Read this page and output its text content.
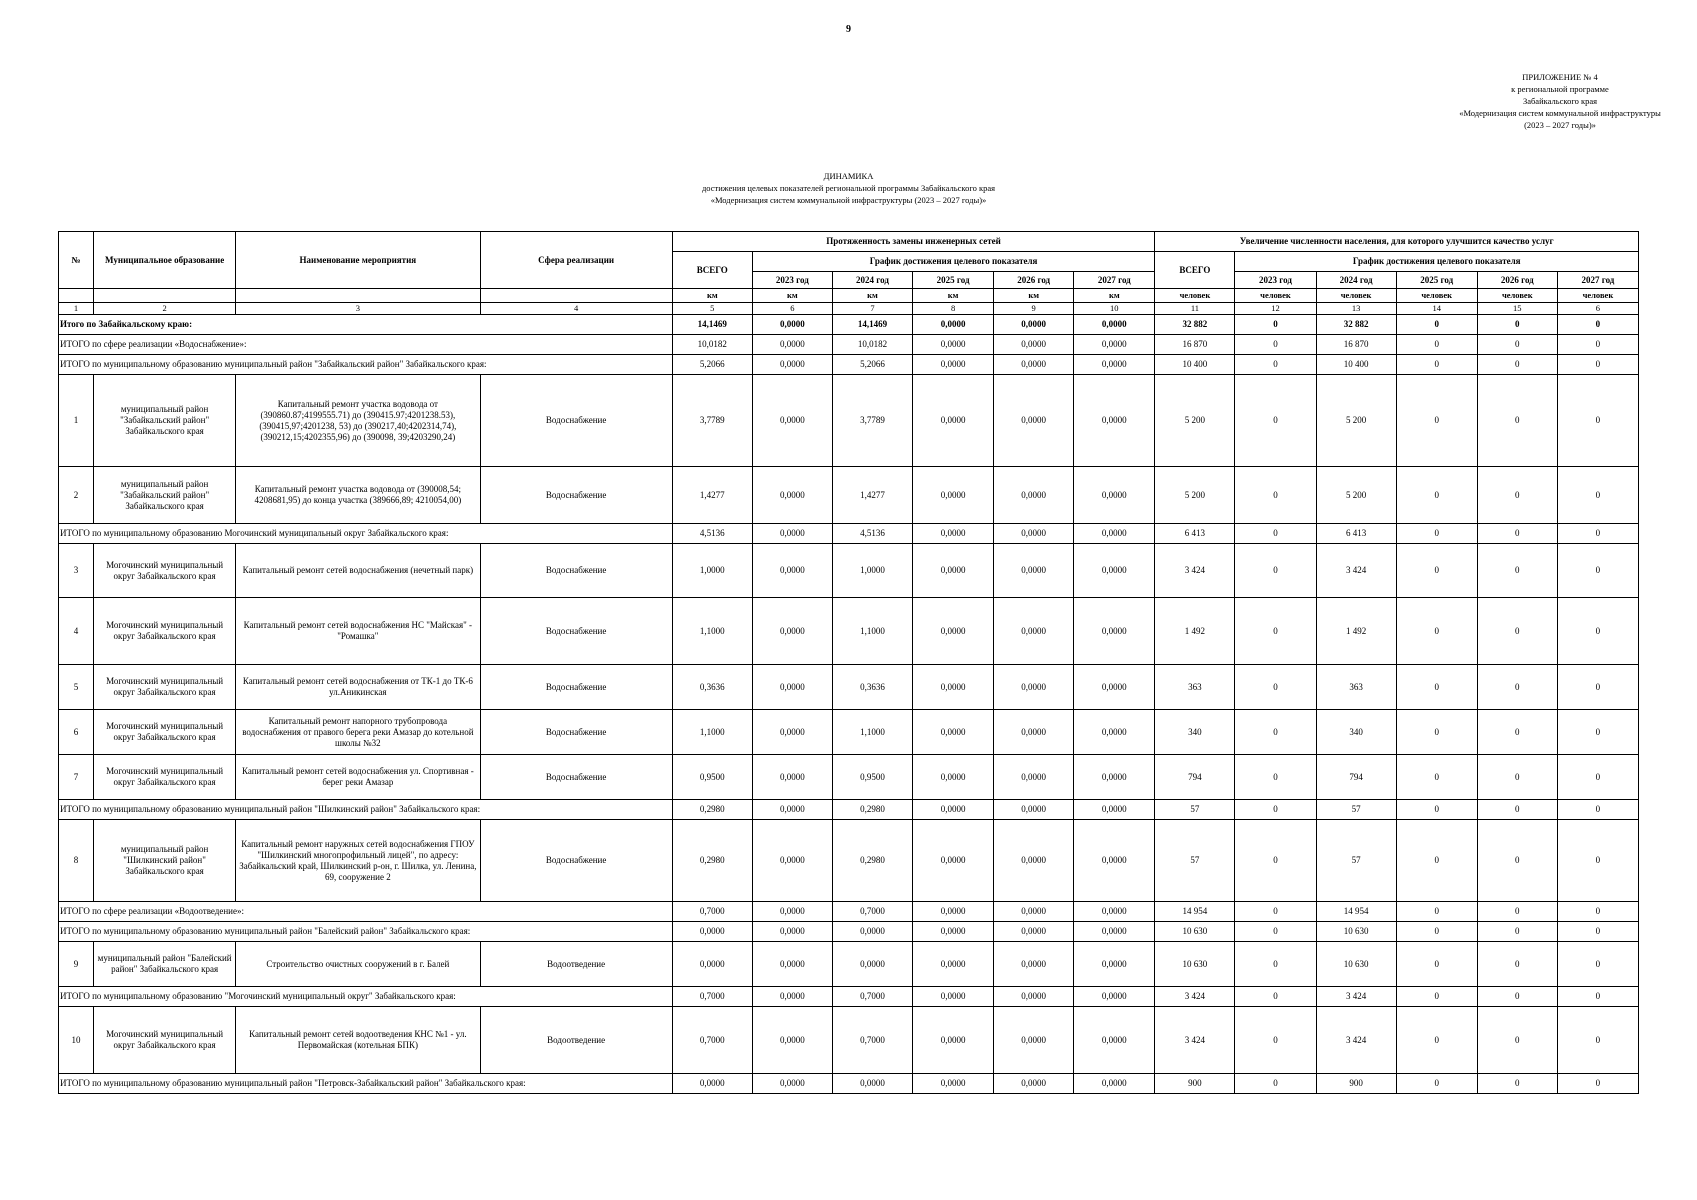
9
ПРИЛОЖЕНИЕ № 4
к региональной программе
Забайкальского края
«Модернизация систем коммунальной инфраструктуры
(2023 – 2027 годы)»
ДИНАМИКА
достижения целевых показателей региональной программы Забайкальского края
«Модернизация систем коммунальной инфраструктуры (2023 – 2027 годы)»
№	Муниципальное образование	Наименование мероприятия	Сфера реализации	Протяженность замены инженерных сетей						Увеличение численности населения, для которого улучшится качество услуг					
				ВСЕГО	График достижения целевого показателя					ВСЕГО	График достижения целевого показателя				
					2023 год	2024 год	2025 год	2026 год	2027 год		2023 год	2024 год	2025 год	2026 год	2027 год
				км	км	км	км	км	км	человек	человек	человек	человек	человек	человек
1	2	3	4	5	6	7	8	9	10	11	12	13	14	15	6
Итого по Забайкальскому краю:				14,1469	0,0000	14,1469	0,0000	0,0000	0,0000	32 882	0	32 882	0	0	0
ИТОГО по сфере реализации «Водоснабжение»:				10,0182	0,0000	10,0182	0,0000	0,0000	0,0000	16 870	0	16 870	0	0	0
ИТОГО по муниципальному образованию муниципальный район "Забайкальский район" Забайкальского края:				5,2066	0,0000	5,2066	0,0000	0,0000	0,0000	10 400	0	10 400	0	0	0
1	муниципальный район "Забайкальский район" Забайкальского края	Капитальный ремонт участка водовода от (390860.87;4199555.71) до (390415.97;4201238.53), (390415,97;4201238, 53) до (390217,40;4202314,74), (390212,15;4202355,96) до (390098, 39;4203290,24)	Водоснабжение	3,7789	0,0000	3,7789	0,0000	0,0000	0,0000	5 200	0	5 200	0	0	0
2	муниципальный район "Забайкальский район" Забайкальского края	Капитальный ремонт участка водовода от (390008,54; 4208681,95) до конца участка (389666,89; 4210054,00)	Водоснабжение	1,4277	0,0000	1,4277	0,0000	0,0000	0,0000	5 200	0	5 200	0	0	0
ИТОГО по муниципальному образованию Могочинский муниципальный округ Забайкальского края:				4,5136	0,0000	4,5136	0,0000	0,0000	0,0000	6 413	0	6 413	0	0	0
3	Могочинский муниципальный округ Забайкальского края	Капитальный ремонт сетей водоснабжения (нечетный парк)	Водоснабжение	1,0000	0,0000	1,0000	0,0000	0,0000	0,0000	3 424	0	3 424	0	0	0
4	Могочинский муниципальный округ Забайкальского края	Капитальный ремонт сетей водоснабжения НС "Майская" - "Ромашка"	Водоснабжение	1,1000	0,0000	1,1000	0,0000	0,0000	0,0000	1 492	0	1 492	0	0	0
5	Могочинский муниципальный округ Забайкальского края	Капитальный ремонт сетей водоснабжения от ТК-1 до ТК-6 ул.Аникинская	Водоснабжение	0,3636	0,0000	0,3636	0,0000	0,0000	0,0000	363	0	363	0	0	0
6	Могочинский муниципальный округ Забайкальского края	Капитальный ремонт напорного трубопровода водоснабжения от правого берега реки Амазар до котельной школы №32	Водоснабжение	1,1000	0,0000	1,1000	0,0000	0,0000	0,0000	340	0	340	0	0	0
7	Могочинский муниципальный округ Забайкальского края	Капитальный ремонт сетей водоснабжения ул. Спортивная - берег реки Амазар	Водоснабжение	0,9500	0,0000	0,9500	0,0000	0,0000	0,0000	794	0	794	0	0	0
ИТОГО по муниципальному образованию муниципальный район "Шилкинский район" Забайкальского края:				0,2980	0,0000	0,2980	0,0000	0,0000	0,0000	57	0	57	0	0	0
8	муниципальный район "Шилкинский район" Забайкальского края	Капитальный ремонт наружных сетей водоснабжения ГПОУ "Шилкинский многопрофильный лицей", по адресу: Забайкальский край, Шилкинский р-он, г. Шилка, ул. Ленина, 69, сооружение 2	Водоснабжение	0,2980	0,0000	0,2980	0,0000	0,0000	0,0000	57	0	57	0	0	0
ИТОГО по сфере реализации «Водоотведение»:				0,7000	0,0000	0,7000	0,0000	0,0000	0,0000	14 954	0	14 954	0	0	0
ИТОГО по муниципальному образованию муниципальный район "Балейский район" Забайкальского края:				0,0000	0,0000	0,0000	0,0000	0,0000	0,0000	10 630	0	10 630	0	0	0
9	муниципальный район "Балейский район" Забайкальского края	Строительство очистных сооружений в г. Балей	Водоотведение	0,0000	0,0000	0,0000	0,0000	0,0000	0,0000	10 630	0	10 630	0	0	0
ИТОГО по муниципальному образованию "Могочинский муниципальный округ" Забайкальского края:				0,7000	0,0000	0,7000	0,0000	0,0000	0,0000	3 424	0	3 424	0	0	0
10	Могочинский муниципальный округ Забайкальского края	Капитальный ремонт сетей водоотведения КНС №1 - ул. Первомайская (котельная БПК)	Водоотведение	0,7000	0,0000	0,7000	0,0000	0,0000	0,0000	3 424	0	3 424	0	0	0
ИТОГО по муниципальному образованию муниципальный район "Петровск-Забайкальский район" Забайкальского края:				0,0000	0,0000	0,0000	0,0000	0,0000	0,0000	900	0	900	0	0	0
